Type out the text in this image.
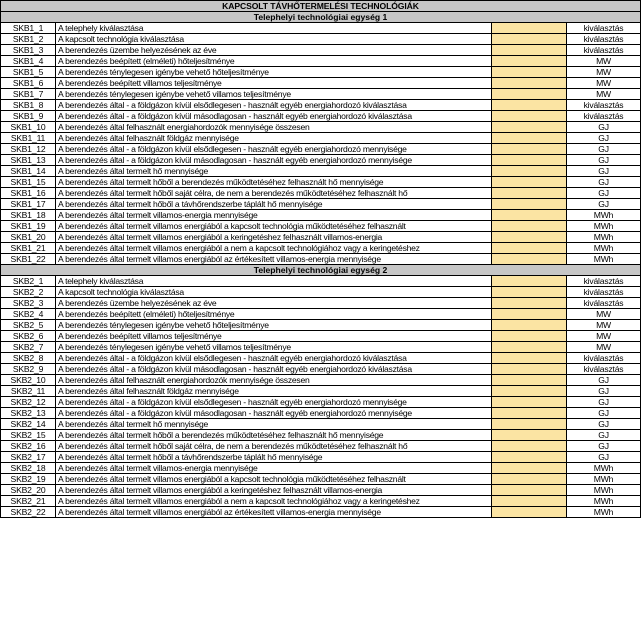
KAPCSOLT TÁVHŐTERMELÉSI TECHNOLÓGIÁK			
Telephelyi technológiai egység 1			
SKB1_1	A telephely kiválasztása		kiválasztás
SKB1_2	A kapcsolt technológia kiválasztása		kiválasztás
SKB1_3	A berendezés üzembe helyezésének az éve		kiválasztás
SKB1_4	A berendezés beépített (elméleti) hőteljesítménye		MW
SKB1_5	A berendezés ténylegesen igénybe vehető hőteljesítménye		MW
SKB1_6	A berendezés beépített villamos teljesítménye		MW
SKB1_7	A berendezés ténylegesen igénybe vehető villamos teljesítménye		MW
SKB1_8	A berendezés által - a földgázon kívül elsődlegesen - használt egyéb energiahordozó kiválasztása		kiválasztás
SKB1_9	A berendezés által - a földgázon kívül másodlagosan - használt egyéb energiahordozó kiválasztása		kiválasztás
SKB1_10	A berendezés által felhasznált energiahordozók mennyisége összesen		GJ
SKB1_11	A berendezés által felhasznált földgáz mennyisége		GJ
SKB1_12	A berendezés által - a földgázon kívül elsődlegesen - használt egyéb energiahordozó mennyisége		GJ
SKB1_13	A berendezés által - a földgázon kívül másodlagosan - használt egyéb energiahordozó mennyisége		GJ
SKB1_14	A berendezés által termelt hő mennyisége		GJ
SKB1_15	A berendezés által termelt hőből a berendezés működtetéséhez felhasznált hő mennyisége		GJ
SKB1_16	A berendezés által termelt hőből saját célra, de nem a berendezés működtetéséhez felhasznált hő		GJ
SKB1_17	A berendezés által termelt hőből a távhőrendszerbe táplált hő mennyisége		GJ
SKB1_18	A berendezés által termelt villamos-energia mennyisége		MWh
SKB1_19	A berendezés által termelt villamos energiából a kapcsolt technológia működtetéséhez felhasznált		MWh
SKB1_20	A berendezés által termelt villamos energiából a keringetéshez felhasznált villamos-energia		MWh
SKB1_21	A berendezés által termelt villamos energiából a nem a kapcsolt technológiához vagy a keringetéshez		MWh
SKB1_22	A berendezés által termelt villamos energiából az értékesített villamos-energia mennyisége		MWh
Telephelyi technológiai egység 2			
SKB2_1	A telephely kiválasztása		kiválasztás
SKB2_2	A kapcsolt technológia kiválasztása		kiválasztás
SKB2_3	A berendezés üzembe helyezésének az éve		kiválasztás
SKB2_4	A berendezés beépített (elméleti) hőteljesítménye		MW
SKB2_5	A berendezés ténylegesen igénybe vehető hőteljesítménye		MW
SKB2_6	A berendezés beépített villamos teljesítménye		MW
SKB2_7	A berendezés ténylegesen igénybe vehető villamos teljesítménye		MW
SKB2_8	A berendezés által - a földgázon kívül elsődlegesen - használt egyéb energiahordozó kiválasztása		kiválasztás
SKB2_9	A berendezés által - a földgázon kívül másodlagosan - használt egyéb energiahordozó kiválasztása		kiválasztás
SKB2_10	A berendezés által felhasznált energiahordozók mennyisége összesen		GJ
SKB2_11	A berendezés által felhasznált földgáz mennyisége		GJ
SKB2_12	A berendezés által - a földgázon kívül elsődlegesen - használt egyéb energiahordozó mennyisége		GJ
SKB2_13	A berendezés által - a földgázon kívül másodlagosan - használt egyéb energiahordozó mennyisége		GJ
SKB2_14	A berendezés által termelt hő mennyisége		GJ
SKB2_15	A berendezés által termelt hőből a berendezés működtetéséhez felhasznált hő mennyisége		GJ
SKB2_16	A berendezés által termelt hőből saját célra, de nem a berendezés működtetéséhez felhasznált hő		GJ
SKB2_17	A berendezés által termelt hőből a távhőrendszerbe táplált hő mennyisége		GJ
SKB2_18	A berendezés által termelt villamos-energia mennyisége		MWh
SKB2_19	A berendezés által termelt villamos energiából a kapcsolt technológia működtetéséhez felhasznált		MWh
SKB2_20	A berendezés által termelt villamos energiából a keringetéshez felhasznált villamos-energia		MWh
SKB2_21	A berendezés által termelt villamos energiából a nem a kapcsolt technológiához vagy a keringetéshez		MWh
SKB2_22	A berendezés által termelt villamos energiából az értékesített villamos-energia mennyisége		MWh
